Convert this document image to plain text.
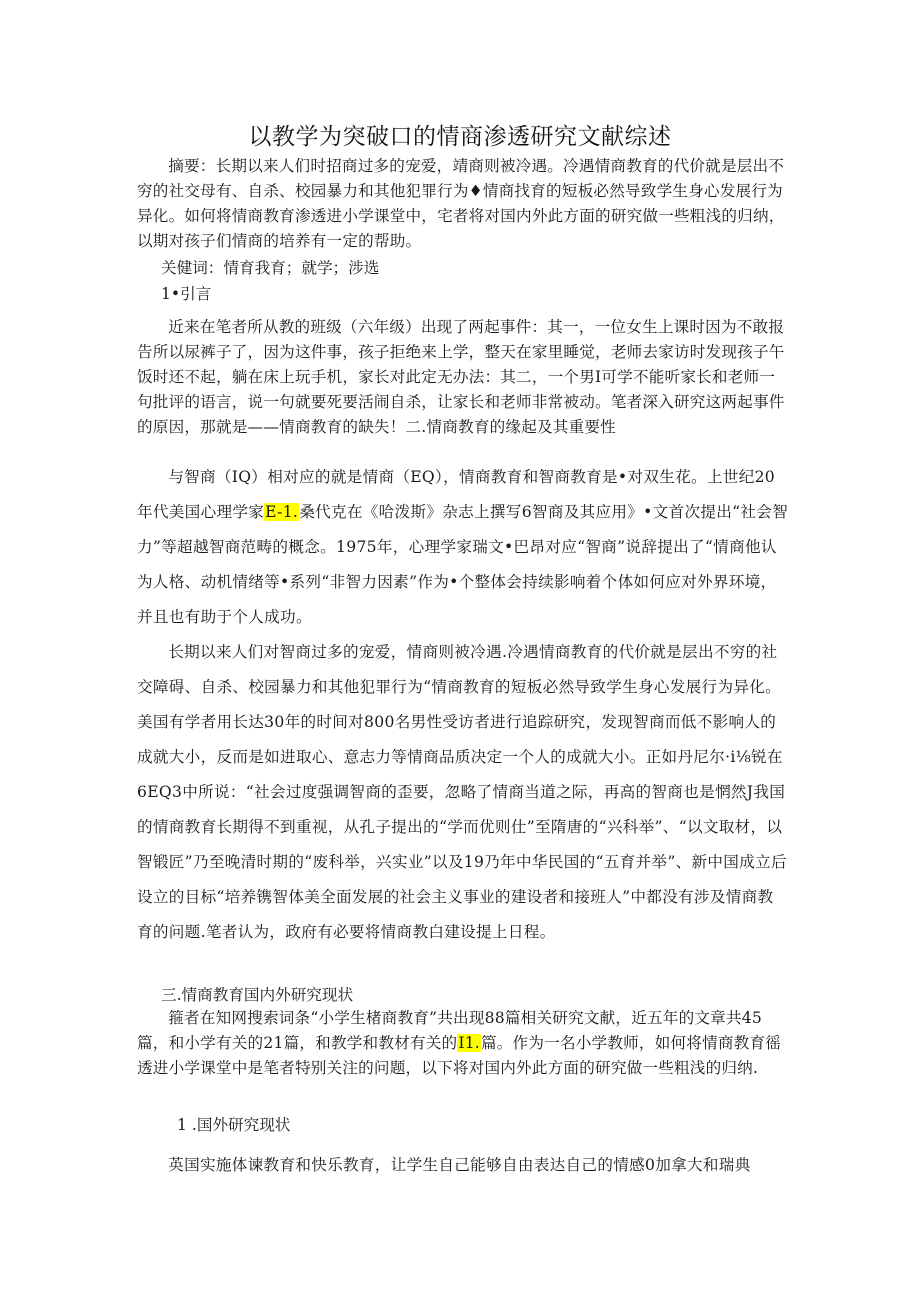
以教学为突破口的情商渗透研究文献综述

摘要：长期以来人们时招商过多的宠爱，靖商则被冷遇。冷遇情商教育的代价就是层出不穷的社交母有、自杀、校园暴力和其他犯罪行为♦情商找育的短板必然导致学生身心发展行为异化。如何将情商教育渗透进小学课堂中，宅者将对国内外此方面的研究做一些粗浅的归纳，以期对孩子们情商的培养有一定的帮助。

关健词：情育我育；就学；涉选

1•引言

近来在笔者所从教的班级（六年级）出现了两起事件：其一，一位女生上课时因为不敢报告所以尿裤子了，因为这件事，孩子拒绝来上学，整天在家里睡觉，老师去家访时发现孩子午饭时还不起，躺在床上玩手机，家长对此定无办法：其二，一个男I可学不能听家长和老师一句批评的语言，说一句就要死要活闹自杀，让家长和老师非常被动。笔者深入研究这两起事件的原因，那就是——情商教育的缺失！二.情商教育的缘起及其重要性

与智商（IQ）相对应的就是情商（EQ），情商教育和智商教育是•对双生花。上世纪20年代美国心理学家E-1.桑代克在《哈泼斯》杂志上撰写6智商及其应用》•文首次提出“社会智力”等超越智商范畴的概念。1975年，心理学家瑞文•巴昂对应“智商”说辞提出了“情商他认为人格、动机情绪等•系列“非智力因素”作为•个整体会持续影响着个体如何应对外界环境，并且也有助于个人成功。

长期以来人们对智商过多的宠爱，情商则被冷遇.冷遇情商教育的代价就是层出不穷的社交障碍、自杀、校园暴力和其他犯罪行为“情商教育的短板必然导致学生身心发展行为异化。美国有学者用长达30年的时间对800名男性受访者进行追踪研究，发现智商而低不影响人的成就大小，反而是如进取心、意志力等情商品质决定一个人的成就大小。正如丹尼尔·i⅛锐在6EQ3中所说：“社会过度强调智商的歪要，忽略了情商当道之际，再高的智商也是惘然J我国的情商教育长期得不到重视，从孔子提出的“学而优则仕”至隋唐的“兴科举”、“以文取材，以智锻匠”乃至晚清时期的“废科举，兴实业”以及19乃年中华民国的“五育并举”、新中国成立后设立的目标“培养镌智体美全面发展的社会主义事业的建设者和接班人”中都没有涉及情商教育的问题.笔者认为，政府有必要将情商教白建设提上日程。

三.情商教育国内外研究现状

箍者在知网搜索词条“小学生楮商教育”共出现88篇相关研究文献，近五年的文章共45篇，和小学有关的21篇，和教学和教材有关的I1.篇。作为一名小学教师，如何将情商教育徭透进小学课堂中是笔者特别关注的问题，以下将对国内外此方面的研究做一些粗浅的归纳.

1 .国外研究现状

英国实施体谏教育和快乐教育，让学生自己能够自由表达自己的情感0加拿大和瑞典
